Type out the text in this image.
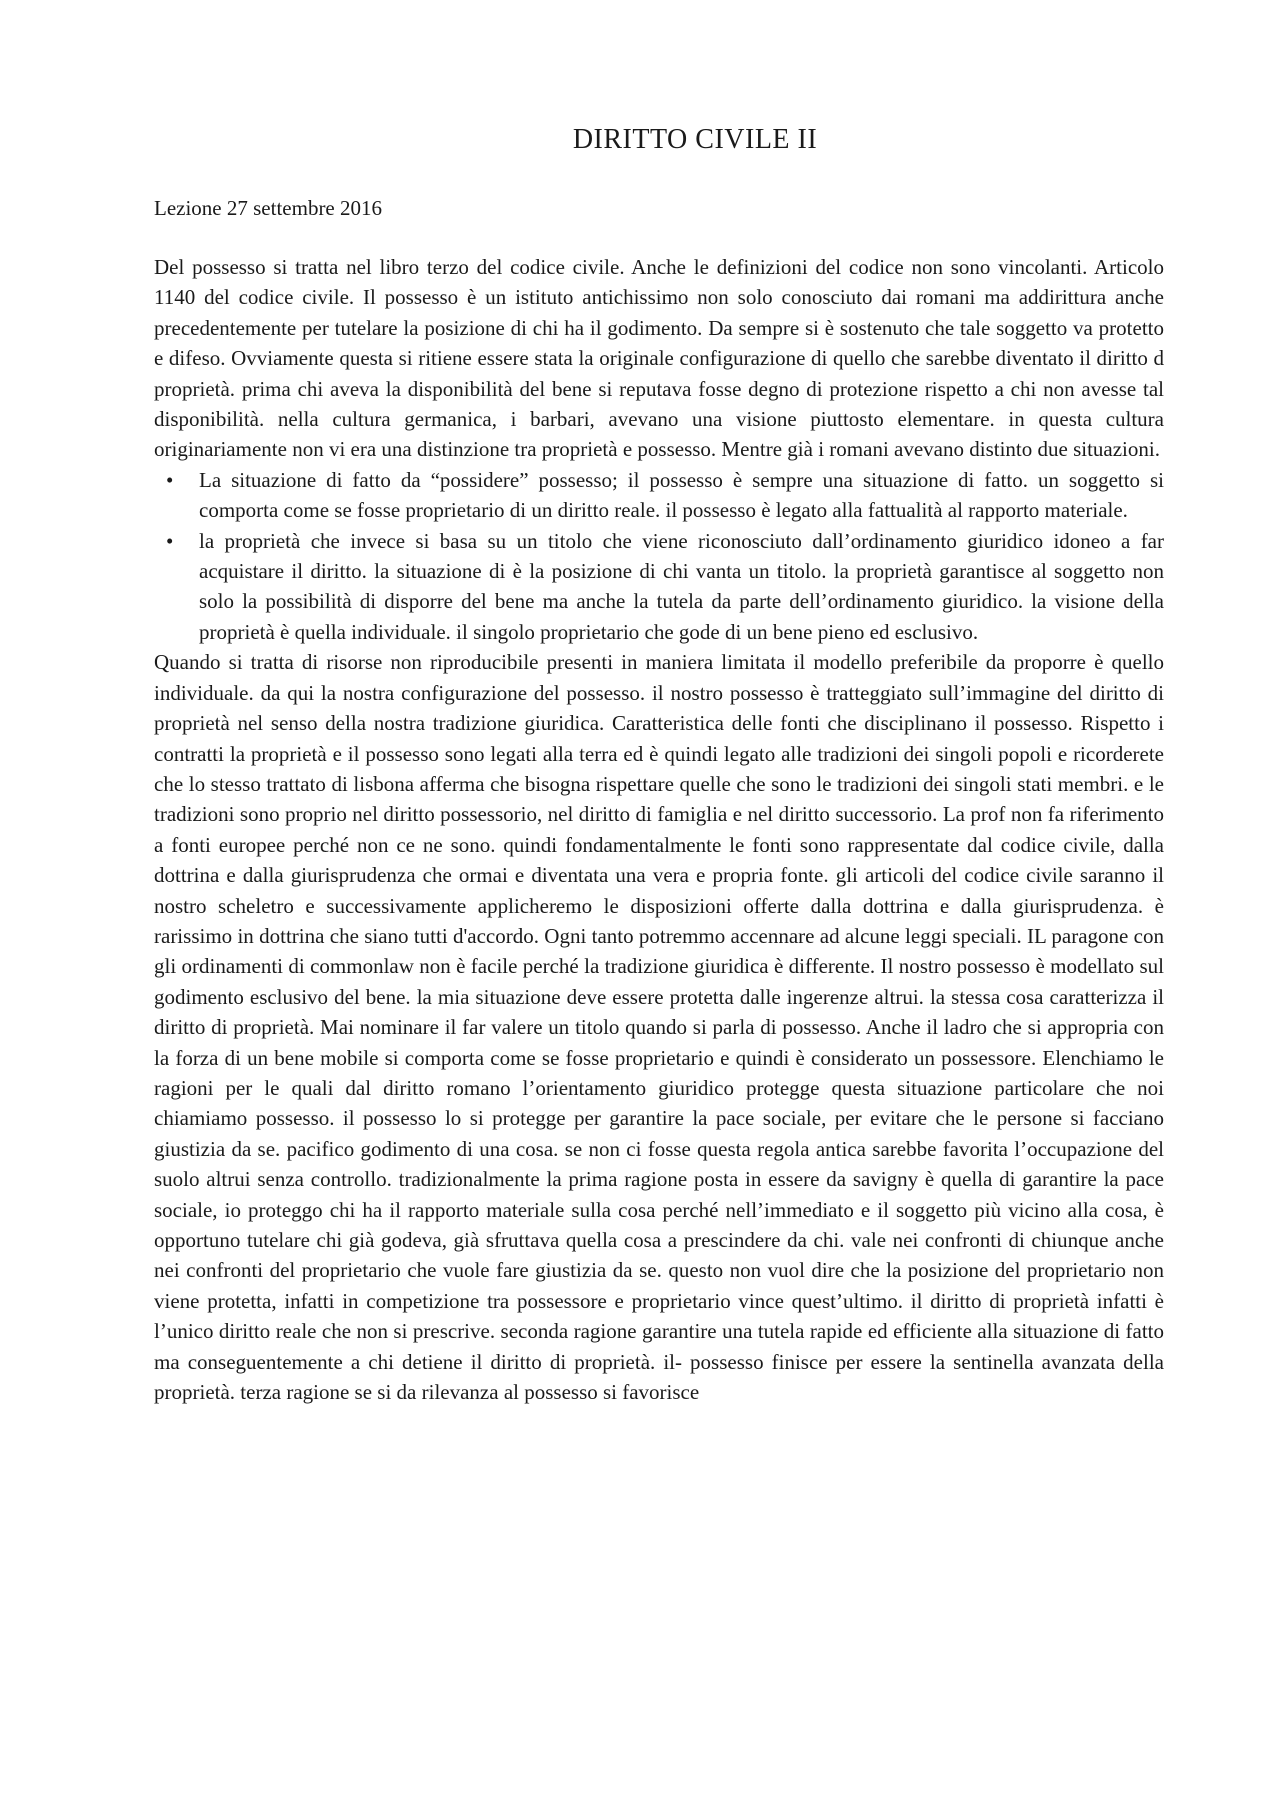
DIRITTO CIVILE II
Lezione 27 settembre 2016

Del possesso si tratta nel libro terzo del codice civile. Anche le definizioni del codice non sono vincolanti. Articolo 1140 del codice civile. Il possesso è un istituto antichissimo non solo conosciuto dai romani ma addirittura anche precedentemente per tutelare la posizione di chi ha il godimento. Da sempre si è sostenuto che tale soggetto va protetto e difeso. Ovviamente questa si ritiene essere stata la originale configurazione di quello che sarebbe diventato il diritto d proprietà. prima chi aveva la disponibilità del bene si reputava fosse degno di protezione rispetto a chi non avesse tal disponibilità. nella cultura germanica, i barbari, avevano una visione piuttosto elementare. in questa cultura originariamente non vi era una distinzione tra proprietà e possesso. Mentre già i romani avevano distinto due situazioni.

• La situazione di fatto da “possidere” possesso; il possesso è sempre una situazione di fatto. un soggetto si comporta come se fosse proprietario di un diritto reale. il possesso è legato alla fattualità al rapporto materiale.
• la proprietà che invece si basa su un titolo che viene riconosciuto dall’ordinamento giuridico idoneo a far acquistare il diritto. la situazione di è la posizione di chi vanta un titolo. la proprietà garantisce al soggetto non solo la possibilità di disporre del bene ma anche la tutela da parte dell’ordinamento giuridico. la visione della proprietà è quella individuale. il singolo proprietario che gode di un bene pieno ed esclusivo.

Quando si tratta di risorse non riproducibile presenti in maniera limitata il modello preferibile da proporre è quello individuale. da qui la nostra configurazione del possesso. il nostro possesso è tratteggiato sull’immagine del diritto di proprietà nel senso della nostra tradizione giuridica. Caratteristica delle fonti che disciplinano il possesso. Rispetto i contratti la proprietà e il possesso sono legati alla terra ed è quindi legato alle tradizioni dei singoli popoli e ricorderete che lo stesso trattato di lisbona afferma che bisogna rispettare quelle che sono le tradizioni dei singoli stati membri. e le tradizioni sono proprio nel diritto possessorio, nel diritto di famiglia e nel diritto successorio. La prof non fa riferimento a fonti europee perché non ce ne sono. quindi fondamentalmente le fonti sono rappresentate dal codice civile, dalla dottrina e dalla giurisprudenza che ormai e diventata una vera e propria fonte. gli articoli del codice civile saranno il nostro scheletro e successivamente applicheremo le disposizioni offerte dalla dottrina e dalla giurisprudenza. è rarissimo in dottrina che siano tutti d'accordo. Ogni tanto potremmo accennare ad alcune leggi speciali. IL paragone con gli ordinamenti di commonlaw non è facile perché la tradizione giuridica è differente. Il nostro possesso è modellato sul godimento esclusivo del bene. la mia situazione deve essere protetta dalle ingerenze altrui. la stessa cosa caratterizza il diritto di proprietà. Mai nominare il far valere un titolo quando si parla di possesso. Anche il ladro che si appropria con la forza di un bene mobile si comporta come se fosse proprietario e quindi è considerato un possessore. Elenchiamo le ragioni per le quali dal diritto romano l’orientamento giuridico protegge questa situazione particolare che noi chiamiamo possesso. il possesso lo si protegge per garantire la pace sociale, per evitare che le persone si facciano giustizia da se. pacifico godimento di una cosa. se non ci fosse questa regola antica sarebbe favorita l’occupazione del suolo altrui senza controllo. tradizionalmente la prima ragione posta in essere da savigny è quella di garantire la pace sociale, io proteggo chi ha il rapporto materiale sulla cosa perché nell’immediato e il soggetto più vicino alla cosa, è opportuno tutelare chi già godeva, già sfruttava quella cosa a prescindere da chi. vale nei confronti di chiunque anche nei confronti del proprietario che vuole fare giustizia da se. questo non vuol dire che la posizione del proprietario non viene protetta, infatti in competizione tra possessore e proprietario vince quest’ultimo. il diritto di proprietà infatti è l’unico diritto reale che non si prescrive. seconda ragione garantire una tutela rapide ed efficiente alla situazione di fatto ma conseguentemente a chi detiene il diritto di proprietà. il- possesso finisce per essere la sentinella avanzata della proprietà. terza ragione se si da rilevanza al possesso si favorisce
